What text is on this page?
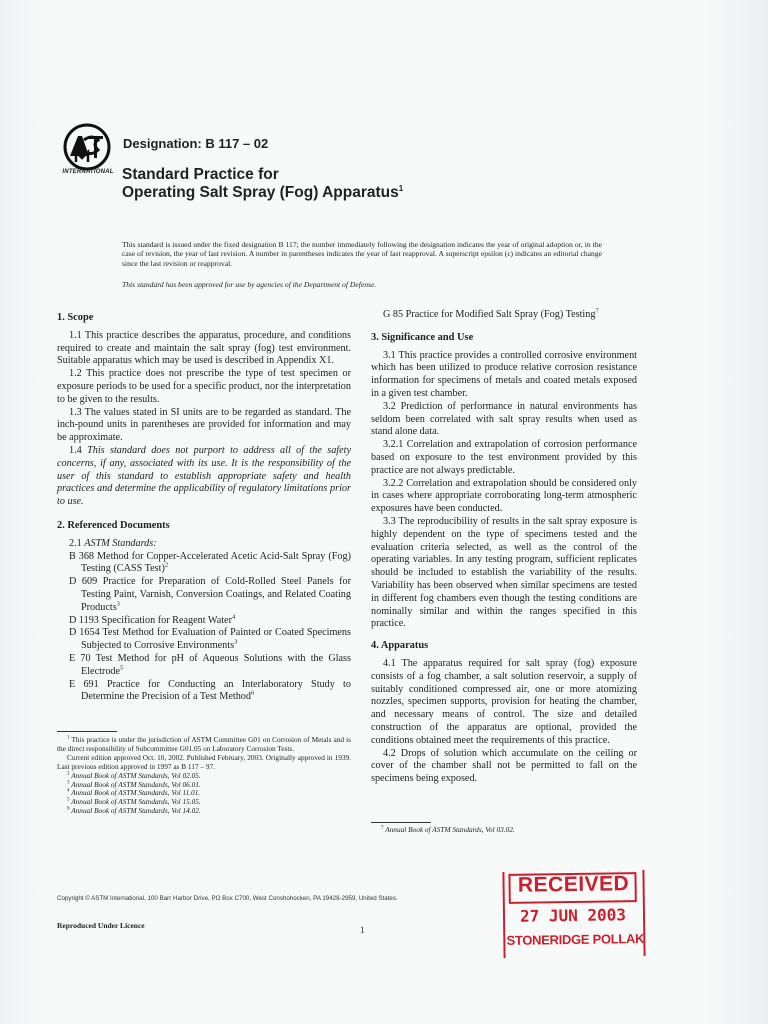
INTERNATIONAL
Designation: B 117 – 02
Standard Practice for
Operating Salt Spray (Fog) Apparatus$^1$
This standard is issued under the fixed designation B 117; the number immediately following the designation indicates the year of original adoption or, in the case of revision, the year of last revision. A number in parentheses indicates the year of last reapproval. A superscript epsilon (ε) indicates an editorial change since the last revision or reapproval.
This standard has been approved for use by agencies of the Department of Defense.

1. Scope

1.1 This practice describes the apparatus, procedure, and conditions required to create and maintain the salt spray (fog) test environment. Suitable apparatus which may be used is described in Appendix X1.

1.2 This practice does not prescribe the type of test specimen or exposure periods to be used for a specific product, nor the interpretation to be given to the results.

1.3 The values stated in SI units are to be regarded as standard. The inch-pound units in parentheses are provided for information and may be approximate.

1.4 This standard does not purport to address all of the safety concerns, if any, associated with its use. It is the responsibility of the user of this standard to establish appropriate safety and health practices and determine the applicability of regulatory limitations prior to use.

2. Referenced Documents

2.1 ASTM Standards:

B 368 Method for Copper-Accelerated Acetic Acid-Salt Spray (Fog) Testing (CASS Test)$^2$

D 609 Practice for Preparation of Cold-Rolled Steel Panels for Testing Paint, Varnish, Conversion Coatings, and Related Coating Products$^3$

D 1193 Specification for Reagent Water$^4$

D 1654 Test Method for Evaluation of Painted or Coated Specimens Subjected to Corrosive Environments$^3$

E 70 Test Method for pH of Aqueous Solutions with the Glass Electrode$^5$

E 691 Practice for Conducting an Interlaboratory Study to Determine the Precision of a Test Method$^6$

$^1$ This practice is under the jurisdiction of ASTM Committee G01 on Corrosion of Metals and is the direct responsibility of Subcommittee G01.05 on Laboratory Corrosion Tests.

Current edition approved Oct. 10, 2002. Published February, 2003. Originally approved in 1939. Last previous edition approved in 1997 as B 117 – 97.

$^2$ Annual Book of ASTM Standards, Vol 02.05.

$^3$ Annual Book of ASTM Standards, Vol 06.01.

$^4$ Annual Book of ASTM Standards, Vol 11.01.

$^5$ Annual Book of ASTM Standards, Vol 15.05.

$^6$ Annual Book of ASTM Standards, Vol 14.02.

G 85 Practice for Modified Salt Spray (Fog) Testing$^7$

3. Significance and Use

3.1 This practice provides a controlled corrosive environment which has been utilized to produce relative corrosion resistance information for specimens of metals and coated metals exposed in a given test chamber.

3.2 Prediction of performance in natural environments has seldom been correlated with salt spray results when used as stand alone data.

3.2.1 Correlation and extrapolation of corrosion performance based on exposure to the test environment provided by this practice are not always predictable.

3.2.2 Correlation and extrapolation should be considered only in cases where appropriate corroborating long-term atmospheric exposures have been conducted.

3.3 The reproducibility of results in the salt spray exposure is highly dependent on the type of specimens tested and the evaluation criteria selected, as well as the control of the operating variables. In any testing program, sufficient replicates should be included to establish the variability of the results. Variability has been observed when similar specimens are tested in different fog chambers even though the testing conditions are nominally similar and within the ranges specified in this practice.

4. Apparatus

4.1 The apparatus required for salt spray (fog) exposure consists of a fog chamber, a salt solution reservoir, a supply of suitably conditioned compressed air, one or more atomizing nozzles, specimen supports, provision for heating the chamber, and necessary means of control. The size and detailed construction of the apparatus are optional, provided the conditions obtained meet the requirements of this practice.

4.2 Drops of solution which accumulate on the ceiling or cover of the chamber shall not be permitted to fall on the specimens being exposed.

$^7$ Annual Book of ASTM Standards, Vol 03.02.

Copyright © ASTM International, 100 Barr Harbor Drive, PO Box C700, West Conshohocken, PA 19428-2959, United States.
Reproduced Under Licence	1
RECEIVED
27 JUN 2003
STONERIDGE POLLAK
